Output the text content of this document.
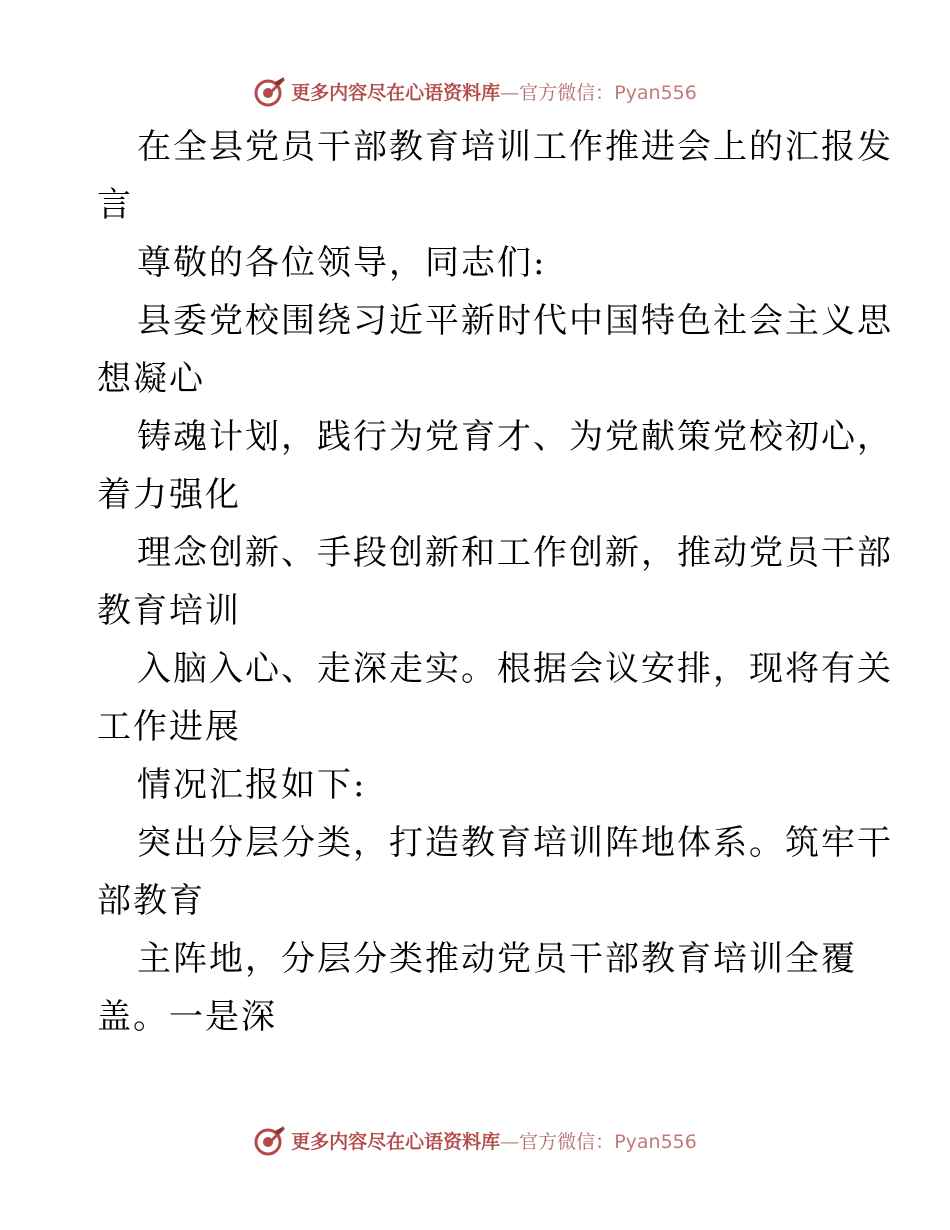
更多内容尽在心语资料库—官方微信：Pyan556
在全县党员干部教育培训工作推进会上的汇报发
言
尊敬的各位领导，同志们:
县委党校围绕习近平新时代中国特色社会主义思
想凝心
铸魂计划，践行为党育才、为党献策党校初心，
着力强化
理念创新、手段创新和工作创新，推动党员干部
教育培训
入脑入心、走深走实。根据会议安排，现将有关
工作进展
情况汇报如下:
突出分层分类，打造教育培训阵地体系。筑牢干
部教育
主阵地，分层分类推动党员干部教育培训全覆
盖。一是深
更多内容尽在心语资料库—官方微信：Pyan556
